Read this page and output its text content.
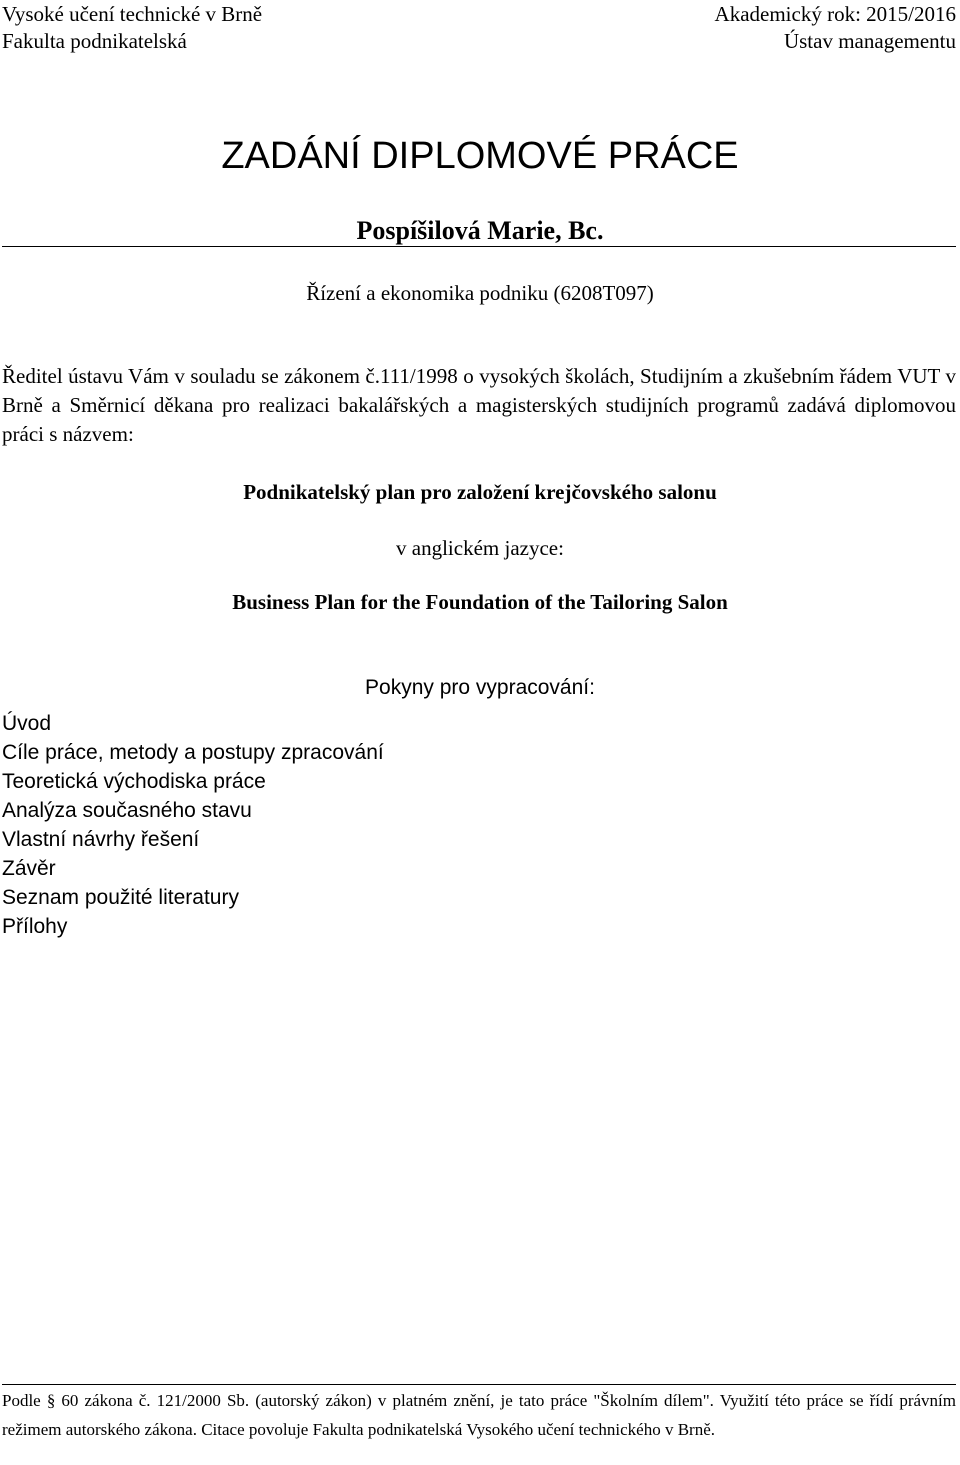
Vysoké učení technické v Brně	Akademický rok: 2015/2016
Fakulta podnikatelská	Ústav managementu
ZADÁNÍ DIPLOMOVÉ PRÁCE
Pospíšilová Marie, Bc.
Řízení a ekonomika podniku (6208T097)
Ředitel ústavu Vám v souladu se zákonem č.111/1998 o vysokých školách, Studijním a zkušebním řádem VUT v Brně a Směrnicí děkana pro realizaci bakalářských a magisterských studijních programů zadává diplomovou práci s názvem:
Podnikatelský plan pro založení krejčovského salonu
v anglickém jazyce:
Business Plan for the Foundation of the Tailoring Salon
Pokyny pro vypracování:
Úvod
Cíle práce, metody a postupy zpracování
Teoretická východiska práce
Analýza současného stavu
Vlastní návrhy řešení
Závěr
Seznam použité literatury
Přílohy
Podle § 60 zákona č. 121/2000 Sb. (autorský zákon) v platném znění, je tato práce "Školním dílem". Využití této práce se řídí právním režimem autorského zákona. Citace povoluje Fakulta podnikatelská Vysokého učení technického v Brně.
